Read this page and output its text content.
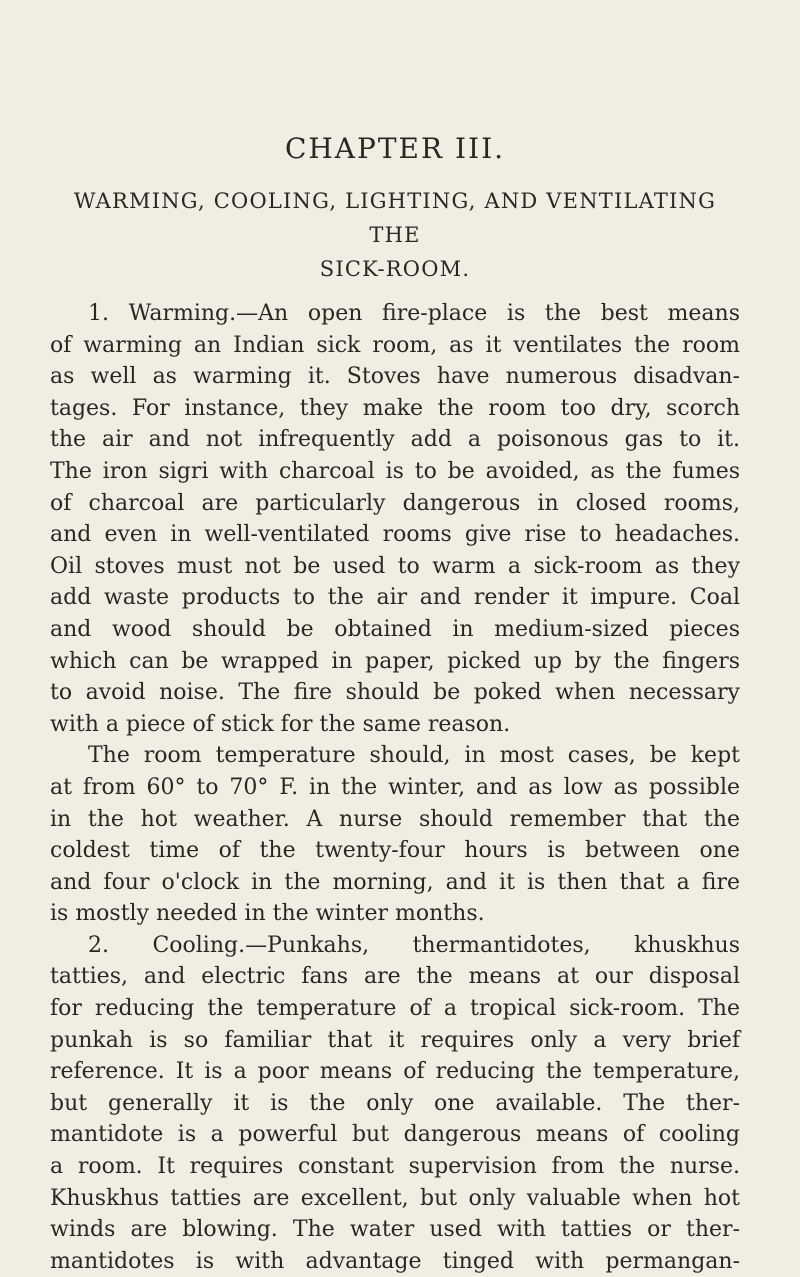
CHAPTER III.
WARMING, COOLING, LIGHTING, AND VENTILATING THE
SICK-ROOM.
1. Warming.—An open fire-place is the best means
of warming an Indian sick room, as it ventilates the room
as well as warming it. Stoves have numerous disadvan-
tages. For instance, they make the room too dry, scorch
the air and not infrequently add a poisonous gas to it.
The iron sigri with charcoal is to be avoided, as the fumes
of charcoal are particularly dangerous in closed rooms,
and even in well-ventilated rooms give rise to headaches.
Oil stoves must not be used to warm a sick-room as they
add waste products to the air and render it impure. Coal
and wood should be obtained in medium-sized pieces
which can be wrapped in paper, picked up by the fingers
to avoid noise. The fire should be poked when necessary
with a piece of stick for the same reason.
The room temperature should, in most cases, be kept
at from 60° to 70° F. in the winter, and as low as possible
in the hot weather. A nurse should remember that the
coldest time of the twenty-four hours is between one
and four o'clock in the morning, and it is then that a fire
is mostly needed in the winter months.
2. Cooling.—Punkahs, thermantidotes, khuskhus
tatties, and electric fans are the means at our disposal
for reducing the temperature of a tropical sick-room. The
punkah is so familiar that it requires only a very brief
reference. It is a poor means of reducing the temperature,
but generally it is the only one available. The ther-
mantidote is a powerful but dangerous means of cooling
a room. It requires constant supervision from the nurse.
Khuskhus tatties are excellent, but only valuable when hot
winds are blowing. The water used with tatties or ther-
mantidotes is with advantage tinged with permangan-
